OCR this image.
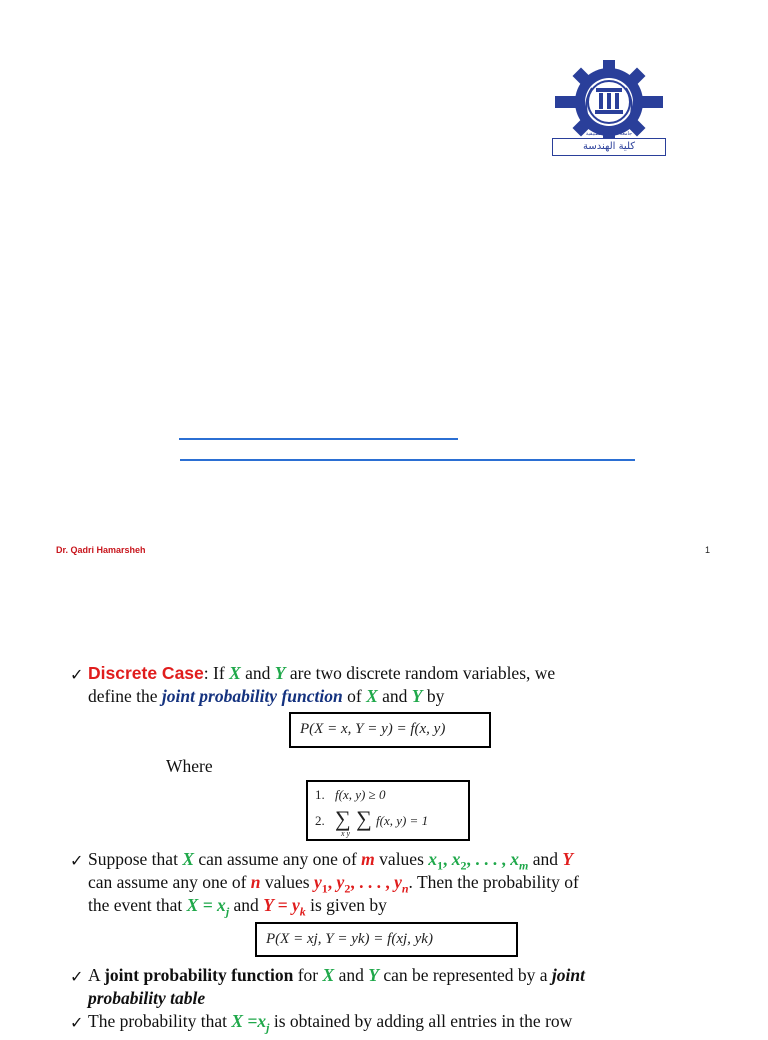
جامعة البلقاء التطبيقية
كلية الهندسة
Dr. Qadri Hamarsheh	1
✓ Discrete Case: If X and Y are two discrete random variables, we
define the joint probability function of X and Y by
P(X = x, Y = y) = f(x, y)
Where
1. f(x, y) ≥ 0
2. ∑ ∑
x y
f(x, y) = 1
✓ Suppose that X can assume any one of m values $x_1$, $x_2$, . . . , $x_m$ and Y
can assume any one of n values $y_1$, $y_2$, . . . , $y_n$. Then the probability of
the event that $X = x_j$ and $Y = y_k$ is given by
P(X = xj, Y = yk) = f(xj, yk)
✓ A joint probability function for X and Y can be represented by a joint
probability table
✓ The probability that $X =x_j$ is obtained by adding all entries in the row
